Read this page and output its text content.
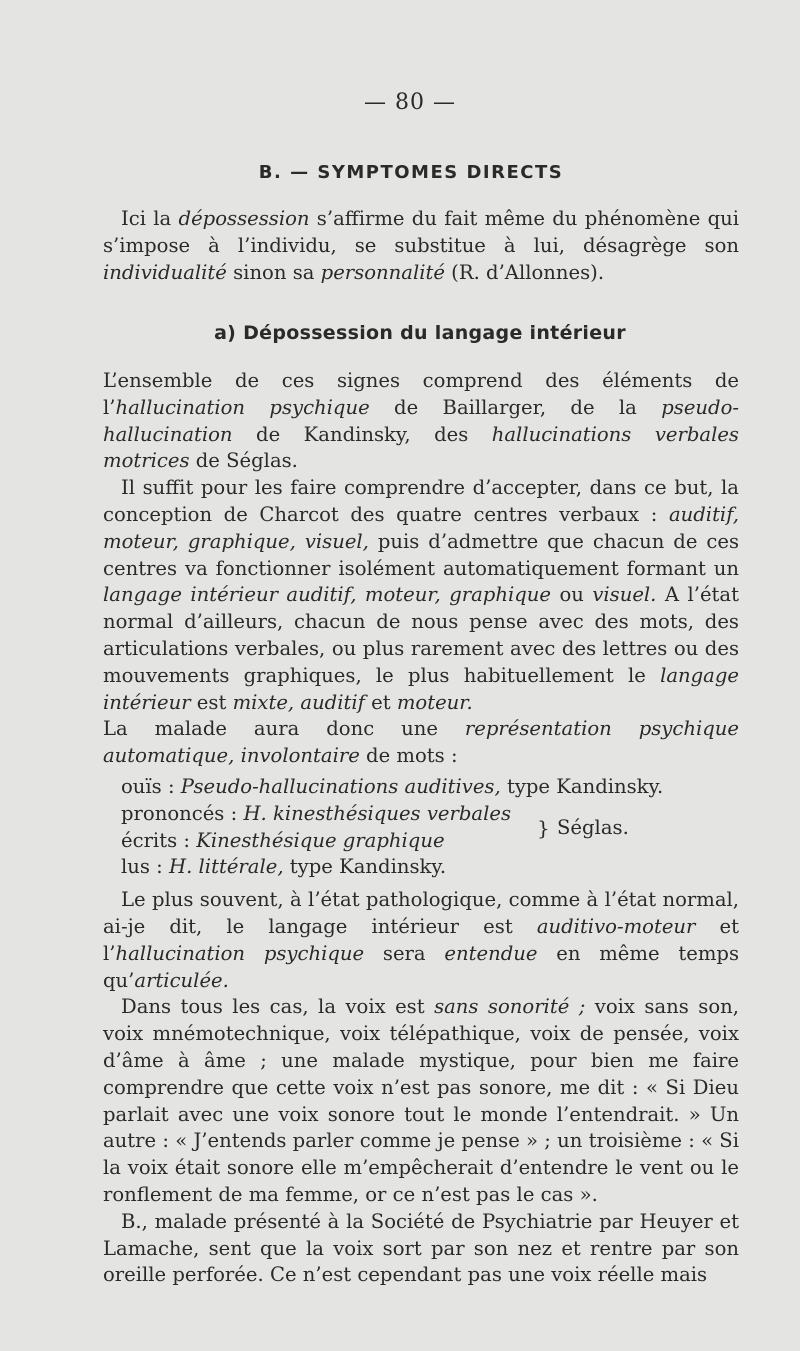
— 80 —
B. — SYMPTOMES DIRECTS

Ici la dépossession s’affirme du fait même du phénomène qui s’impose à l’individu, se substitue à lui, désagrège son individualité sinon sa personnalité (R. d’Allonnes).

a) Dépossession du langage intérieur

L’ensemble de ces signes comprend des éléments de l’hallucination psychique de Baillarger, de la pseudo-hallucination de Kandinsky, des hallucinations verbales motrices de Séglas.

Il suffit pour les faire comprendre d’accepter, dans ce but, la conception de Charcot des quatre centres verbaux : auditif, moteur, graphique, visuel, puis d’admettre que chacun de ces centres va fonctionner isolément automatiquement formant un langage intérieur auditif, moteur, graphique ou visuel. A l’état normal d’ailleurs, chacun de nous pense avec des mots, des articulations verbales, ou plus rarement avec des lettres ou des mouvements graphiques, le plus habituellement le langage intérieur est mixte, auditif et moteur.

La malade aura donc une représentation psychique automatique, involontaire de mots :

ouïs : Pseudo-hallucinations auditives, type Kandinsky.
prononcés : H. kinesthésiques verbales
écrits : Kinesthésique graphique
} Séglas.
lus : H. littérale, type Kandinsky.

Le plus souvent, à l’état pathologique, comme à l’état normal, ai-je dit, le langage intérieur est auditivo-moteur et l’hallucination psychique sera entendue en même temps qu’articulée.

Dans tous les cas, la voix est sans sonorité ; voix sans son, voix mnémotechnique, voix télépathique, voix de pensée, voix d’âme à âme ; une malade mystique, pour bien me faire comprendre que cette voix n’est pas sonore, me dit : « Si Dieu parlait avec une voix sonore tout le monde l’entendrait. » Un autre : « J’entends parler comme je pense » ; un troisième : « Si la voix était sonore elle m’empêcherait d’entendre le vent ou le ronflement de ma femme, or ce n’est pas le cas ».

B., malade présenté à la Société de Psychiatrie par Heuyer et Lamache, sent que la voix sort par son nez et rentre par son oreille perforée. Ce n’est cependant pas une voix réelle mais
